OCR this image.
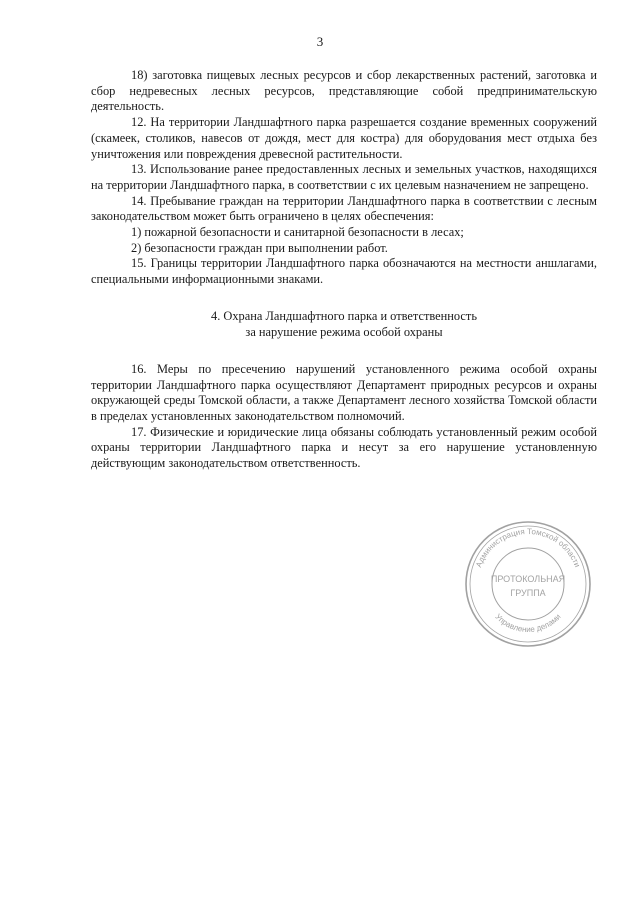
3

18) заготовка пищевых лесных ресурсов и сбор лекарственных растений, заготовка и сбор недревесных лесных ресурсов, представляющие собой предпринимательскую деятельность.

12. На территории Ландшафтного парка разрешается создание временных сооружений (скамеек, столиков, навесов от дождя, мест для костра) для оборудования мест отдыха без уничтожения или повреждения древесной растительности.

13. Использование ранее предоставленных лесных и земельных участков, находящихся на территории Ландшафтного парка, в соответствии с их целевым назначением не запрещено.

14. Пребывание граждан на территории Ландшафтного парка в соответствии с лесным законодательством может быть ограничено в целях обеспечения:

1) пожарной безопасности и санитарной безопасности в лесах;

2) безопасности граждан при выполнении работ.

15. Границы территории Ландшафтного парка обозначаются на местности аншлагами, специальными информационными знаками.

4. Охрана Ландшафтного парка и ответственность
за нарушение режима особой охраны

16. Меры по пресечению нарушений установленного режима особой охраны территории Ландшафтного парка осуществляют Департамент природных ресурсов и охраны окружающей среды Томской области, а также Департамент лесного хозяйства Томской области в пределах установленных законодательством полномочий.

17. Физические и юридические лица обязаны соблюдать установленный режим особой охраны территории Ландшафтного парка и несут за его нарушение установленную действующим законодательством ответственность.

Администрация Томской области
Управление делами
ПРОТОКОЛЬНАЯ
ГРУППА
